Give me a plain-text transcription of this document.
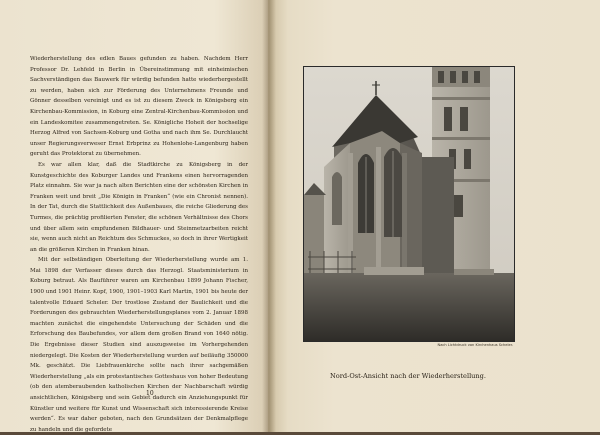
Wiederherstellung des edlen Baues gefunden zu haben. Nachdem Herr Professor Dr. Lehfeld in Berlin in Übereinstimmung mit einheimischen Sachverständigen das Bauwerk für würdig befunden hatte wiederhergestellt zu werden, haben sich zur Förderung des Unternehmens Freunde und Gönner desselben vereinigt und es ist zu diesem Zweck in Königsberg ein Kirchenbau-Kommission, in Koburg eine Zentral-Kirchenbau-Kommission und ein Landeskomitee zusammengetreten. Se. Königliche Hoheit der hochselige Herzog Alfred von Sachsen-Koburg und Gotha und nach ihm Se. Durchlaucht unser Regierungsverweser Ernst Erbprinz zu Hohenlohe-Langenburg haben geruht das Protektorat zu übernehmen.

Es war allen klar, daß die Stadtkirche zu Königsberg in der Kunstgeschichte des Koburger Landes und Frankens einen hervorragenden Platz einnahm. Sie war ja nach alten Berichten eine der schönsten Kirchen in Franken weit und breit „Die Königin in Franken“ (wie ein Chronist nennen). In der Tat, durch die Stattlichkeit des Außenbaues, die reiche Gliederung des Turmes, die prächtig profilierten Fenster, die schönen Verhältnisse des Chors und über allem sein empfundenen Bildhauer- und Steinmetzarbeiten reicht sie, wenn auch nicht an Reichtum des Schmuckes, so doch in ihrer Wertigkeit an die größeren Kirchen in Franken hinan.

Mit der selbständigen Oberleitung der Wiederherstellung wurde am 1. Mai 1898 der Verfasser dieses durch das Herzogl. Staatsministerium in Koburg betraut. Als Bauführer waren am Kirchenbau 1899 Johann Fischer, 1900 und 1901 Heinr. Kopf, 1900, 1901–1903 Karl Martin, 1901 bis heute der talentvolle Eduard Scheler. Der trostlose Zustand der Baulichkeit und die Forderungen des gebrauchten Wiederherstellungsplanes vom 2. Januar 1898 machten zunächst die eingehendste Untersuchung der Schäden und die Erforschung des Baubefundes, vor allem dem großen Brand von 1640 nötig. Die Ergebnisse dieser Studien sind auszugsweise im Vorhergehenden niedergelegt. Die Kosten der Wiederherstellung wurden auf beiläufig 350000 Mk. geschätzt. Die Liebfrauenkirche sollte nach ihrer sachgemäßen Wiederherstellung „als ein protestantisches Gotteshaus von hoher Bedeutung (ob den atemberaubenden katholischen Kirchen der Nachbarschaft würdig ansichtlichen, Königsberg und sein Gebiet dadurch ein Anziehungspunkt für Künstler und weitere für Kunst und Wissenschaft sich interessierende Kreise werden“. Es war daher geboten, nach den Grundsätzen der Denkmalpflege zu handeln und die gefordete

10
Nach Lichtdruck von Kirchenhaus Scheler.
Nord-Ost-Ansicht nach der Wiederherstellung.
